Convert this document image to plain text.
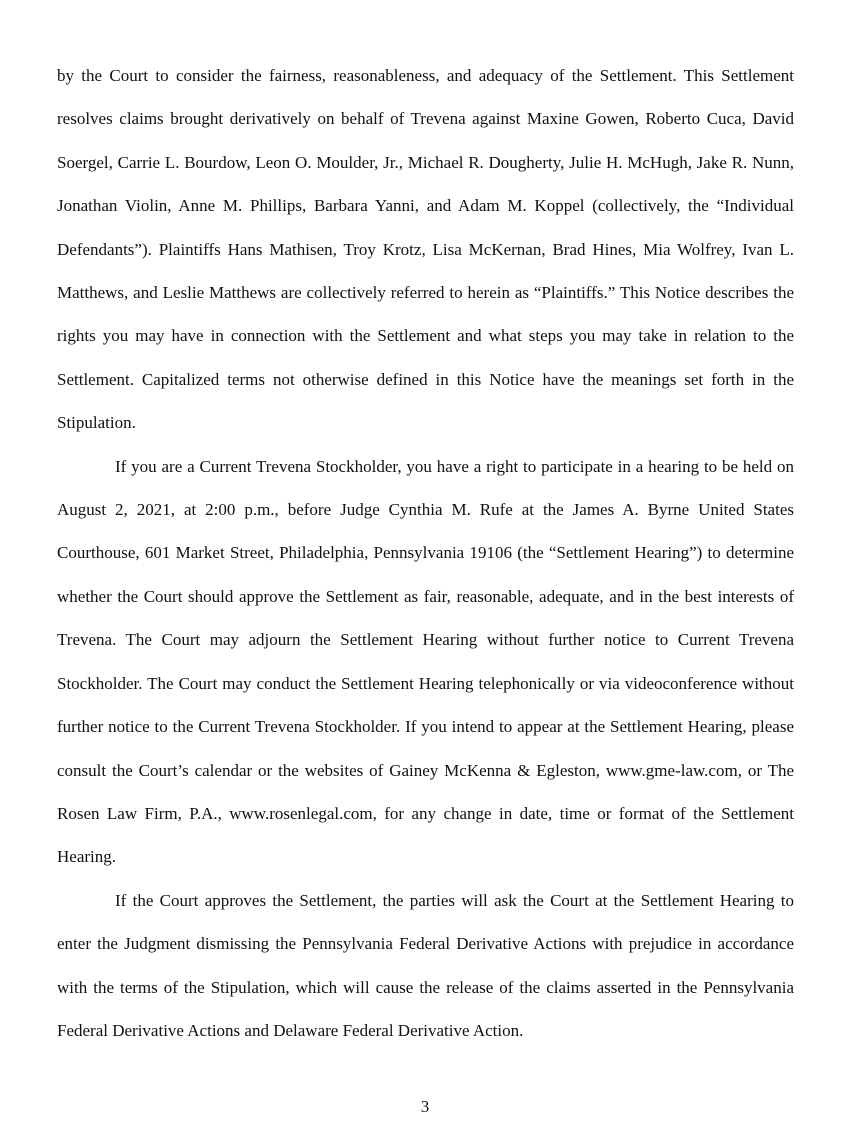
by the Court to consider the fairness, reasonableness, and adequacy of the Settlement. This Settlement resolves claims brought derivatively on behalf of Trevena against Maxine Gowen, Roberto Cuca, David Soergel, Carrie L. Bourdow, Leon O. Moulder, Jr., Michael R. Dougherty, Julie H. McHugh, Jake R. Nunn, Jonathan Violin, Anne M. Phillips, Barbara Yanni, and Adam M. Koppel (collectively, the “Individual Defendants”). Plaintiffs Hans Mathisen, Troy Krotz, Lisa McKernan, Brad Hines, Mia Wolfrey, Ivan L. Matthews, and Leslie Matthews are collectively referred to herein as “Plaintiffs.” This Notice describes the rights you may have in connection with the Settlement and what steps you may take in relation to the Settlement. Capitalized terms not otherwise defined in this Notice have the meanings set forth in the Stipulation.

If you are a Current Trevena Stockholder, you have a right to participate in a hearing to be held on August 2, 2021, at 2:00 p.m., before Judge Cynthia M. Rufe at the James A. Byrne United States Courthouse, 601 Market Street, Philadelphia, Pennsylvania 19106 (the “Settlement Hearing”) to determine whether the Court should approve the Settlement as fair, reasonable, adequate, and in the best interests of Trevena. The Court may adjourn the Settlement Hearing without further notice to Current Trevena Stockholder. The Court may conduct the Settlement Hearing telephonically or via videoconference without further notice to the Current Trevena Stockholder. If you intend to appear at the Settlement Hearing, please consult the Court’s calendar or the websites of Gainey McKenna & Egleston, www.gme-law.com, or The Rosen Law Firm, P.A., www.rosenlegal.com, for any change in date, time or format of the Settlement Hearing.

If the Court approves the Settlement, the parties will ask the Court at the Settlement Hearing to enter the Judgment dismissing the Pennsylvania Federal Derivative Actions with prejudice in accordance with the terms of the Stipulation, which will cause the release of the claims asserted in the Pennsylvania Federal Derivative Actions and Delaware Federal Derivative Action.

3
